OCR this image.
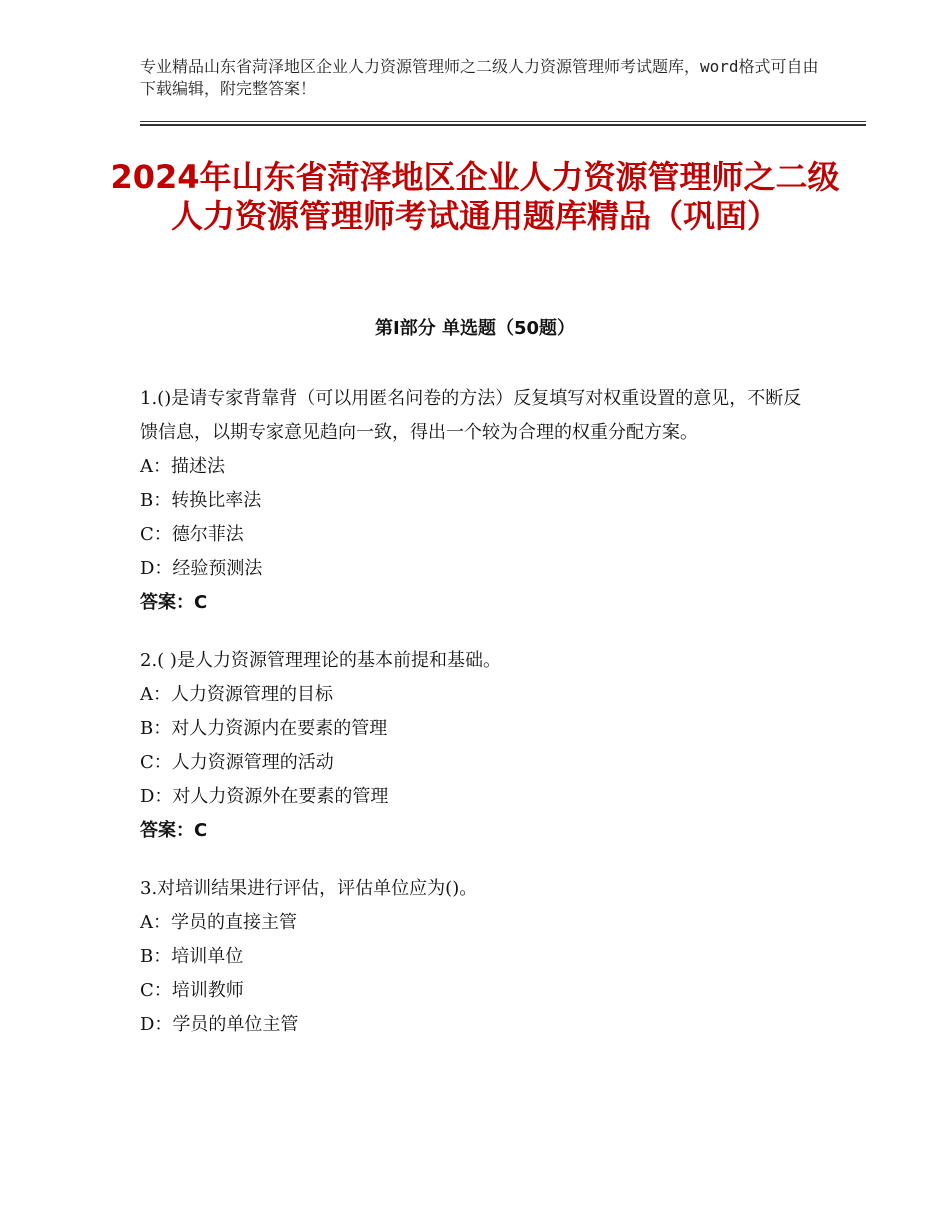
专业精品山东省菏泽地区企业人力资源管理师之二级人力资源管理师考试题库，word格式可自由下载编辑，附完整答案！
2024年山东省菏泽地区企业人力资源管理师之二级人力资源管理师考试通用题库精品（巩固）
第Ⅰ部分 单选题（50题）

1.()是请专家背靠背（可以用匿名问卷的方法）反复填写对权重设置的意见，不断反馈信息，以期专家意见趋向一致，得出一个较为合理的权重分配方案。

A：描述法

B：转换比率法

C：德尔菲法

D：经验预测法

答案：C

2.( )是人力资源管理理论的基本前提和基础。

A：人力资源管理的目标

B：对人力资源内在要素的管理

C：人力资源管理的活动

D：对人力资源外在要素的管理

答案：C

3.对培训结果进行评估，评估单位应为()。

A：学员的直接主管

B：培训单位

C：培训教师

D：学员的单位主管
